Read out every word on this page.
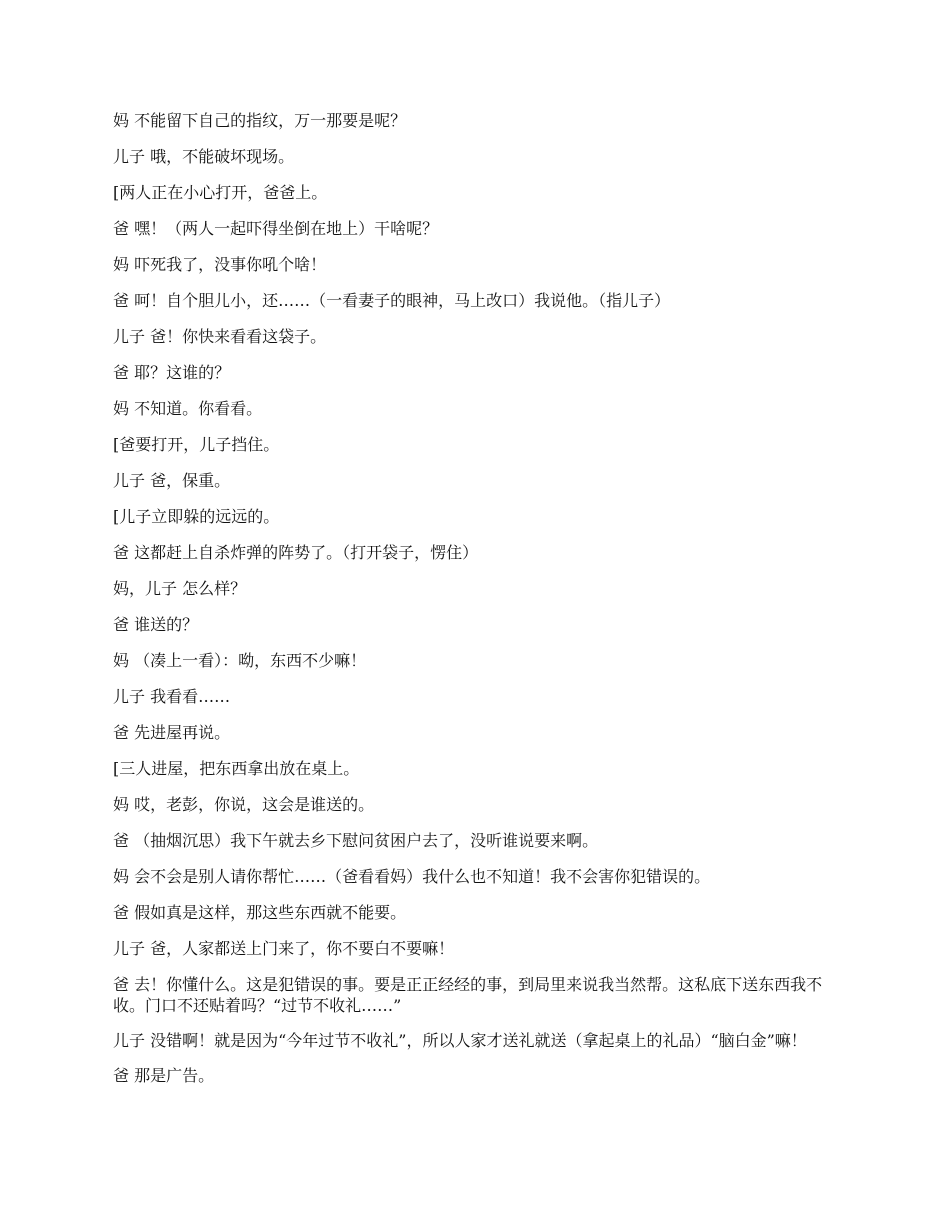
妈 不能留下自己的指纹，万一那要是呢？

儿子 哦，不能破坏现场。

[两人正在小心打开，爸爸上。

爸 嘿！（两人一起吓得坐倒在地上）干啥呢？

妈 吓死我了，没事你吼个啥！

爸 呵！自个胆儿小，还……（一看妻子的眼神，马上改口）我说他。（指儿子）

儿子 爸！你快来看看这袋子。

爸 耶？这谁的？

妈 不知道。你看看。

[爸要打开，儿子挡住。

儿子 爸，保重。

[儿子立即躲的远远的。

爸 这都赶上自杀炸弹的阵势了。（打开袋子，愣住）

妈，儿子 怎么样？

爸 谁送的？

妈 （凑上一看）：呦，东西不少嘛！

儿子 我看看……

爸 先进屋再说。

[三人进屋，把东西拿出放在桌上。

妈 哎，老彭，你说，这会是谁送的。

爸 （抽烟沉思）我下午就去乡下慰问贫困户去了，没听谁说要来啊。

妈 会不会是别人请你帮忙……（爸看看妈）我什么也不知道！我不会害你犯错误的。

爸 假如真是这样，那这些东西就不能要。

儿子 爸，人家都送上门来了，你不要白不要嘛！

爸 去！你懂什么。这是犯错误的事。要是正正经经的事，到局里来说我当然帮。这私底下送东西我不收。门口不还贴着吗？“过节不收礼……”

儿子 没错啊！就是因为“今年过节不收礼”，所以人家才送礼就送（拿起桌上的礼品）“脑白金”嘛！

爸 那是广告。
